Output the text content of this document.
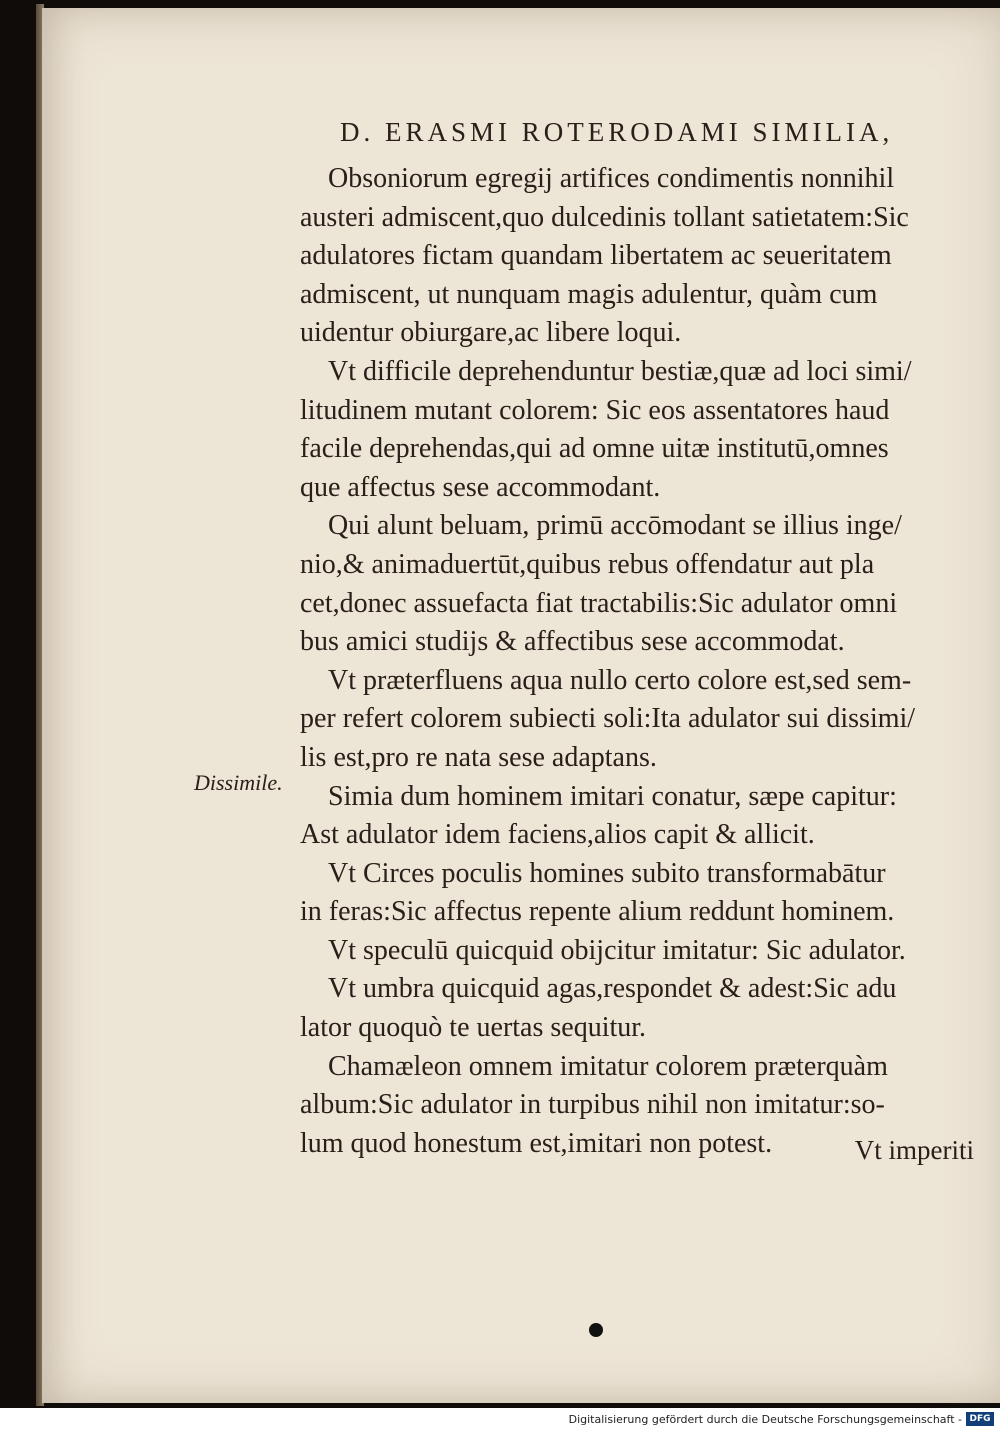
D. ERASMI ROTERODAMI SIMILIA,
Dissimile.
Obsoniorum egregij artifices condimentis nonnihil
austeri admiscent,quo dulcedinis tollant satietatem:Sic
adulatores fictam quandam libertatem ac seueritatem
admiscent, ut nunquam magis adulentur, quàm cum
uidentur obiurgare,ac libere loqui.
Vt difficile deprehenduntur bestiæ,quæ ad loci simi/
litudinem mutant colorem: Sic eos assentatores haud
facile deprehendas,qui ad omne uitæ institutū,omnes
que affectus sese accommodant.
Qui alunt beluam, primū accōmodant se illius inge/
nio,& animaduertūt,quibus rebus offendatur aut pla
cet,donec assuefacta fiat tractabilis:Sic adulator omni
bus amici studijs & affectibus sese accommodat.
Vt præterfluens aqua nullo certo colore est,sed sem-
per refert colorem subiecti soli:Ita adulator sui dissimi/
lis est,pro re nata sese adaptans.
Simia dum hominem imitari conatur, sæpe capitur:
Ast adulator idem faciens,alios capit & allicit.
Vt Circes poculis homines subito transformabātur
in feras:Sic affectus repente alium reddunt hominem.
Vt speculū quicquid obijcitur imitatur: Sic adulator.
Vt umbra quicquid agas,respondet & adest:Sic adu
lator quoquò te uertas sequitur.
Chamæleon omnem imitatur colorem præterquàm
album:Sic adulator in turpibus nihil non imitatur:so-
lum quod honestum est,imitari non potest.	Vt imperiti
Digitalisierung gefördert durch die Deutsche Forschungsgemeinschaft - DFG
